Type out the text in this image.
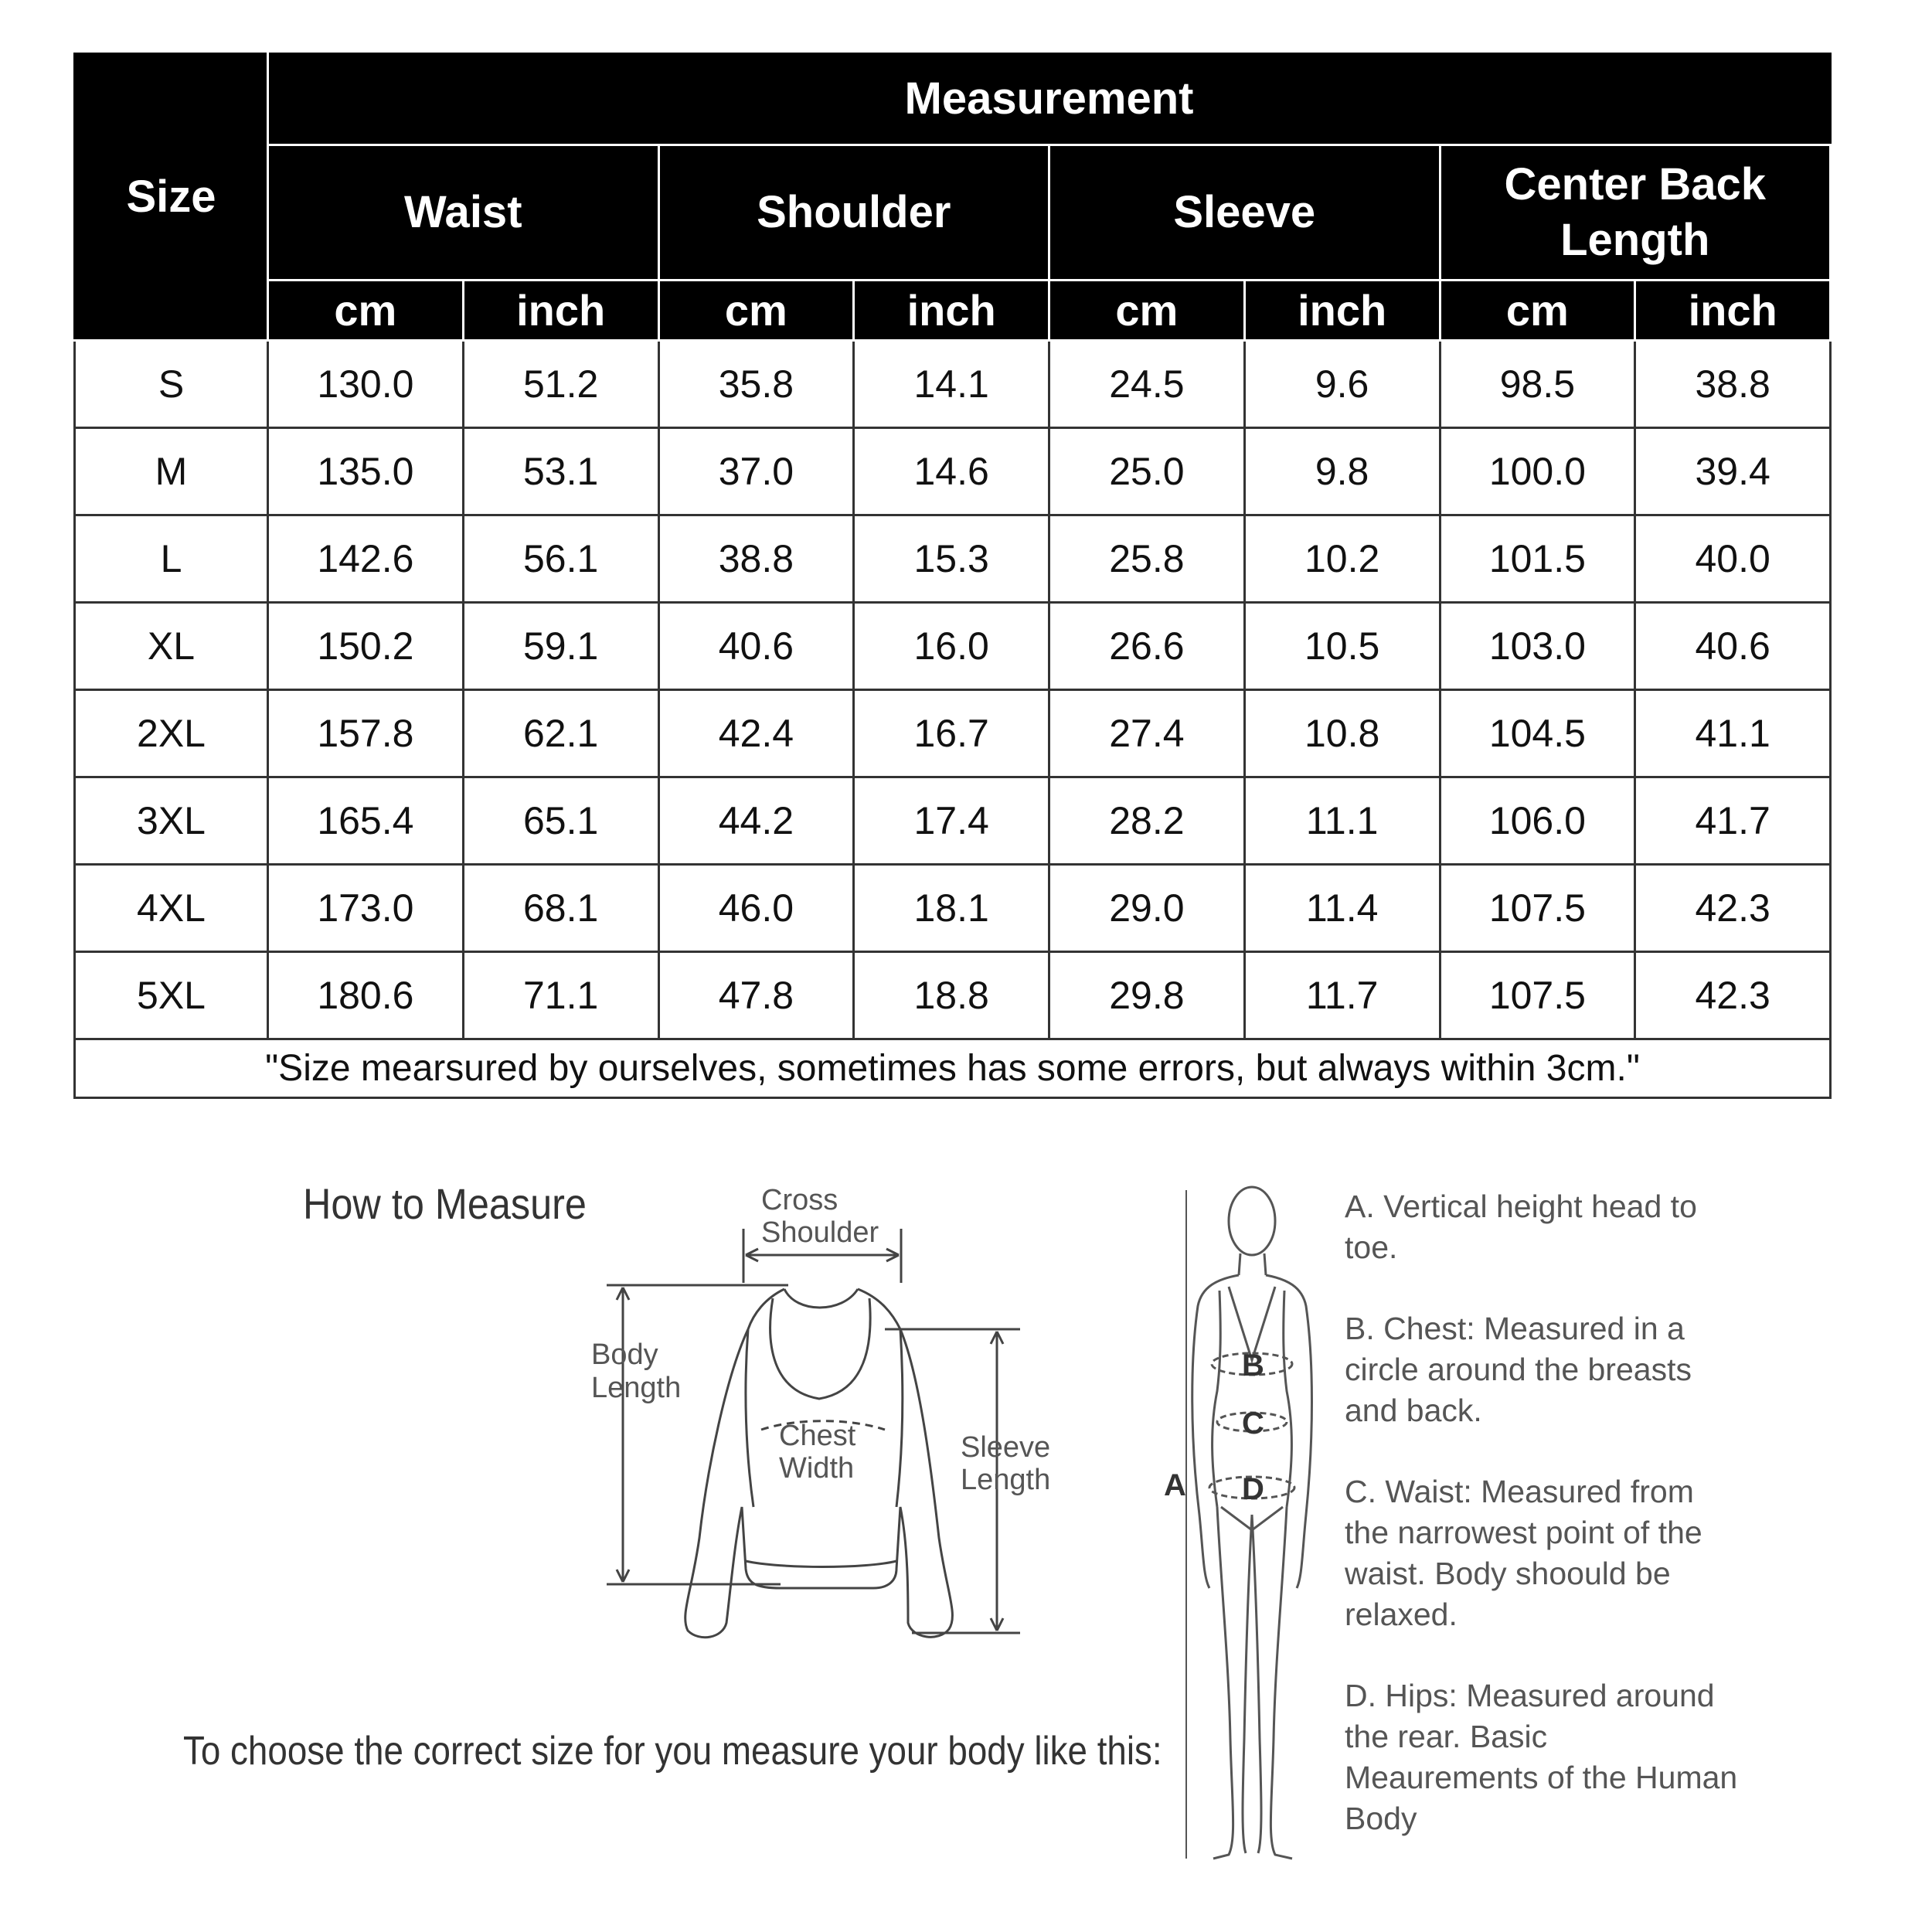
Size	Measurement							
	Waist		Shoulder		Sleeve		Center Back Length	
	cm	inch	cm	inch	cm	inch	cm	inch
S	130.0	51.2	35.8	14.1	24.5	9.6	98.5	38.8
M	135.0	53.1	37.0	14.6	25.0	9.8	100.0	39.4
L	142.6	56.1	38.8	15.3	25.8	10.2	101.5	40.0
XL	150.2	59.1	40.6	16.0	26.6	10.5	103.0	40.6
2XL	157.8	62.1	42.4	16.7	27.4	10.8	104.5	41.1
3XL	165.4	65.1	44.2	17.4	28.2	11.1	106.0	41.7
4XL	173.0	68.1	46.0	18.1	29.0	11.4	107.5	42.3
5XL	180.6	71.1	47.8	18.8	29.8	11.7	107.5	42.3
"Size mearsured by ourselves, sometimes has some errors, but always within 3cm."								
How to Measure
To choose the correct size for you measure your body like this:
Cross
Shoulder
Body
Length
Chest
Width
Sleeve
Length	A
B
C
D
A. Vertical height head to toe.
B. Chest: Measured in a circle around the breasts and back.
C. Waist: Measured from the narrowest point of the waist. Body shoould be relaxed.
D. Hips: Measured around the rear. Basic Meaurements of the Human Body
